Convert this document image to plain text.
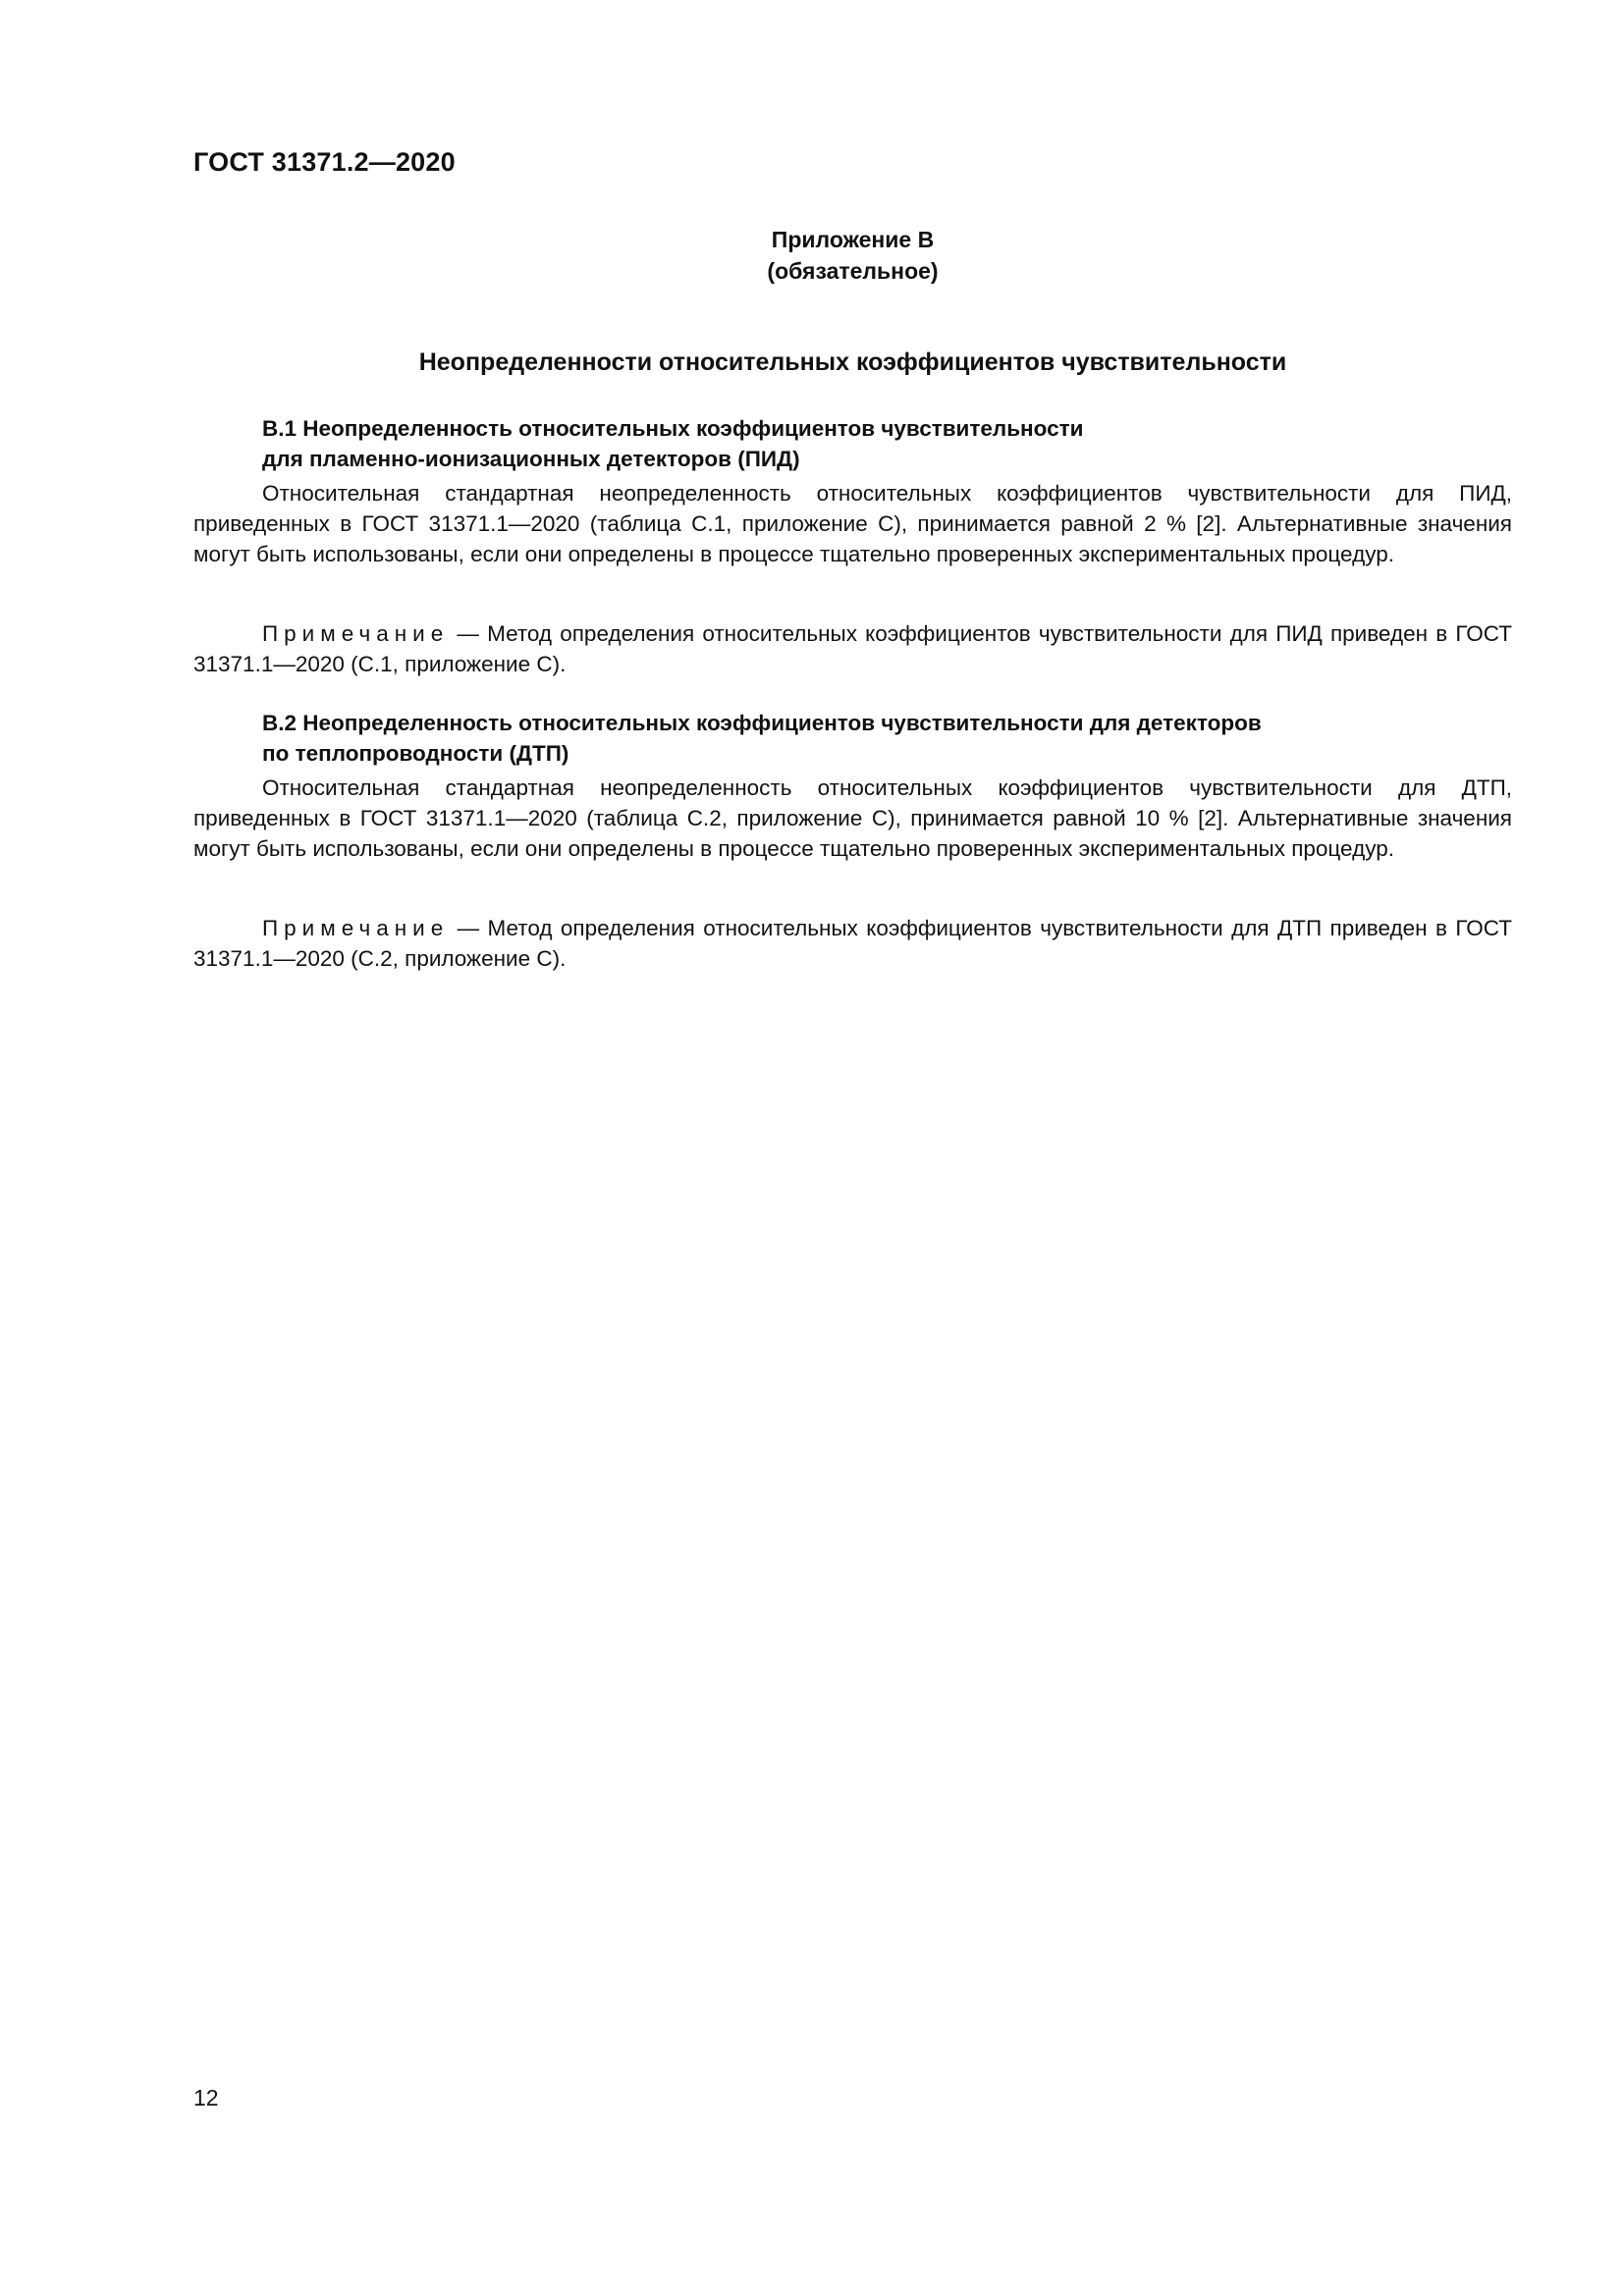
ГОСТ 31371.2—2020
Приложение В
(обязательное)
Неопределенности относительных коэффициентов чувствительности

В.1 Неопределенность относительных коэффициентов чувствительности

для пламенно-ионизационных детекторов (ПИД)

Относительная стандартная неопределенность относительных коэффициентов чувствительности для ПИД, приведенных в ГОСТ 31371.1—2020 (таблица С.1, приложение С), принимается равной 2 % [2]. Альтернативные значения могут быть использованы, если они определены в процессе тщательно проверенных экспериментальных процедур.

Примечание — Метод определения относительных коэффициентов чувствительности для ПИД приведен в ГОСТ 31371.1—2020 (С.1, приложение С).

В.2 Неопределенность относительных коэффициентов чувствительности для детекторов

по теплопроводности (ДТП)

Относительная стандартная неопределенность относительных коэффициентов чувствительности для ДТП, приведенных в ГОСТ 31371.1—2020 (таблица С.2, приложение С), принимается равной 10 % [2]. Альтернативные значения могут быть использованы, если они определены в процессе тщательно проверенных экспериментальных процедур.

Примечание — Метод определения относительных коэффициентов чувствительности для ДТП приведен в ГОСТ 31371.1—2020 (С.2, приложение С).

12
